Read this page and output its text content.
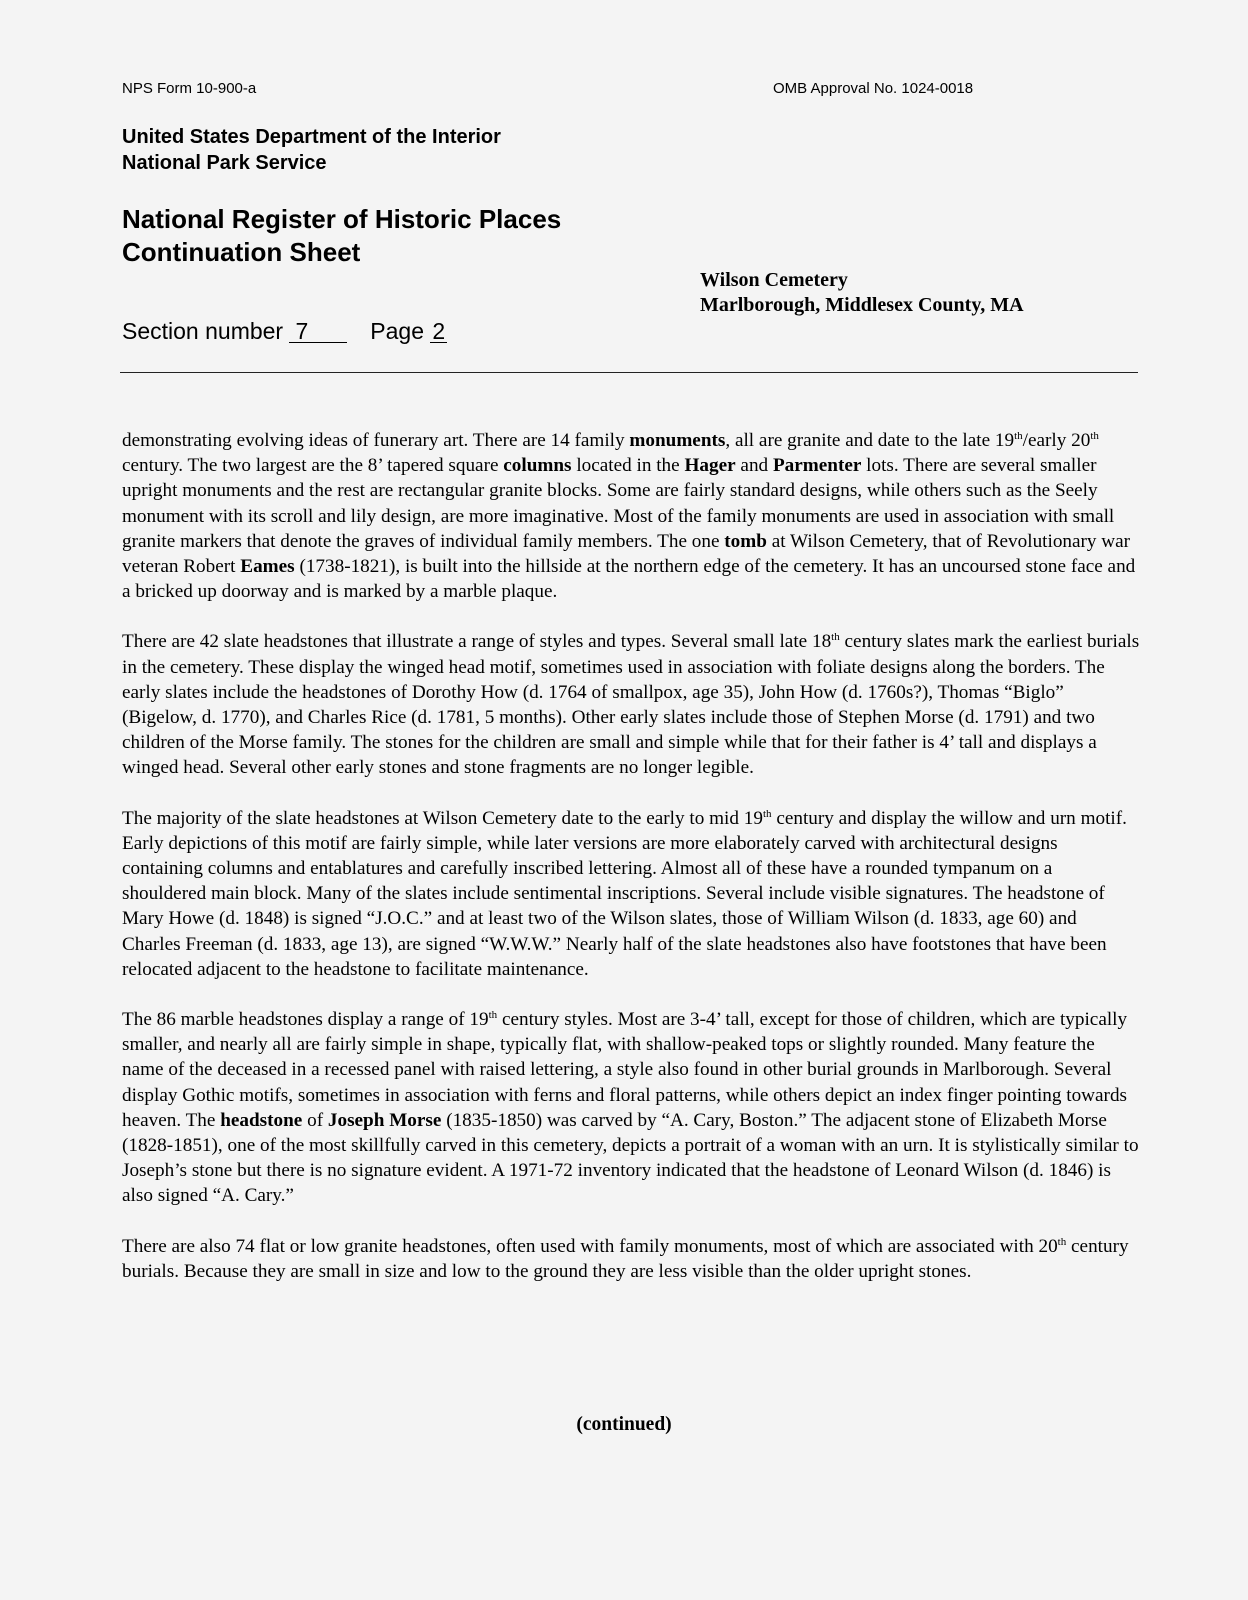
NPS Form 10-900-a	OMB Approval No. 1024-0018
United States Department of the Interior
National Park Service
National Register of Historic Places
Continuation Sheet
Wilson Cemetery
Marlborough, Middlesex County, MA
Section number 7	Page 2

demonstrating evolving ideas of funerary art. There are 14 family monuments, all are granite and date to the late 19th/early 20th century. The two largest are the 8’ tapered square columns located in the Hager and Parmenter lots. There are several smaller upright monuments and the rest are rectangular granite blocks. Some are fairly standard designs, while others such as the Seely monument with its scroll and lily design, are more imaginative. Most of the family monuments are used in association with small granite markers that denote the graves of individual family members. The one tomb at Wilson Cemetery, that of Revolutionary war veteran Robert Eames (1738-1821), is built into the hillside at the northern edge of the cemetery. It has an uncoursed stone face and a bricked up doorway and is marked by a marble plaque.

There are 42 slate headstones that illustrate a range of styles and types. Several small late 18th century slates mark the earliest burials in the cemetery. These display the winged head motif, sometimes used in association with foliate designs along the borders. The early slates include the headstones of Dorothy How (d. 1764 of smallpox, age 35), John How (d. 1760s?), Thomas “Biglo” (Bigelow, d. 1770), and Charles Rice (d. 1781, 5 months). Other early slates include those of Stephen Morse (d. 1791) and two children of the Morse family. The stones for the children are small and simple while that for their father is 4’ tall and displays a winged head. Several other early stones and stone fragments are no longer legible.

The majority of the slate headstones at Wilson Cemetery date to the early to mid 19th century and display the willow and urn motif. Early depictions of this motif are fairly simple, while later versions are more elaborately carved with architectural designs containing columns and entablatures and carefully inscribed lettering. Almost all of these have a rounded tympanum on a shouldered main block. Many of the slates include sentimental inscriptions. Several include visible signatures. The headstone of Mary Howe (d. 1848) is signed “J.O.C.” and at least two of the Wilson slates, those of William Wilson (d. 1833, age 60) and Charles Freeman (d. 1833, age 13), are signed “W.W.W.” Nearly half of the slate headstones also have footstones that have been relocated adjacent to the headstone to facilitate maintenance.

The 86 marble headstones display a range of 19th century styles. Most are 3-4’ tall, except for those of children, which are typically smaller, and nearly all are fairly simple in shape, typically flat, with shallow-peaked tops or slightly rounded. Many feature the name of the deceased in a recessed panel with raised lettering, a style also found in other burial grounds in Marlborough. Several display Gothic motifs, sometimes in association with ferns and floral patterns, while others depict an index finger pointing towards heaven. The headstone of Joseph Morse (1835-1850) was carved by “A. Cary, Boston.” The adjacent stone of Elizabeth Morse (1828-1851), one of the most skillfully carved in this cemetery, depicts a portrait of a woman with an urn. It is stylistically similar to Joseph’s stone but there is no signature evident. A 1971-72 inventory indicated that the headstone of Leonard Wilson (d. 1846) is also signed “A. Cary.”

There are also 74 flat or low granite headstones, often used with family monuments, most of which are associated with 20th century burials. Because they are small in size and low to the ground they are less visible than the older upright stones.

(continued)
